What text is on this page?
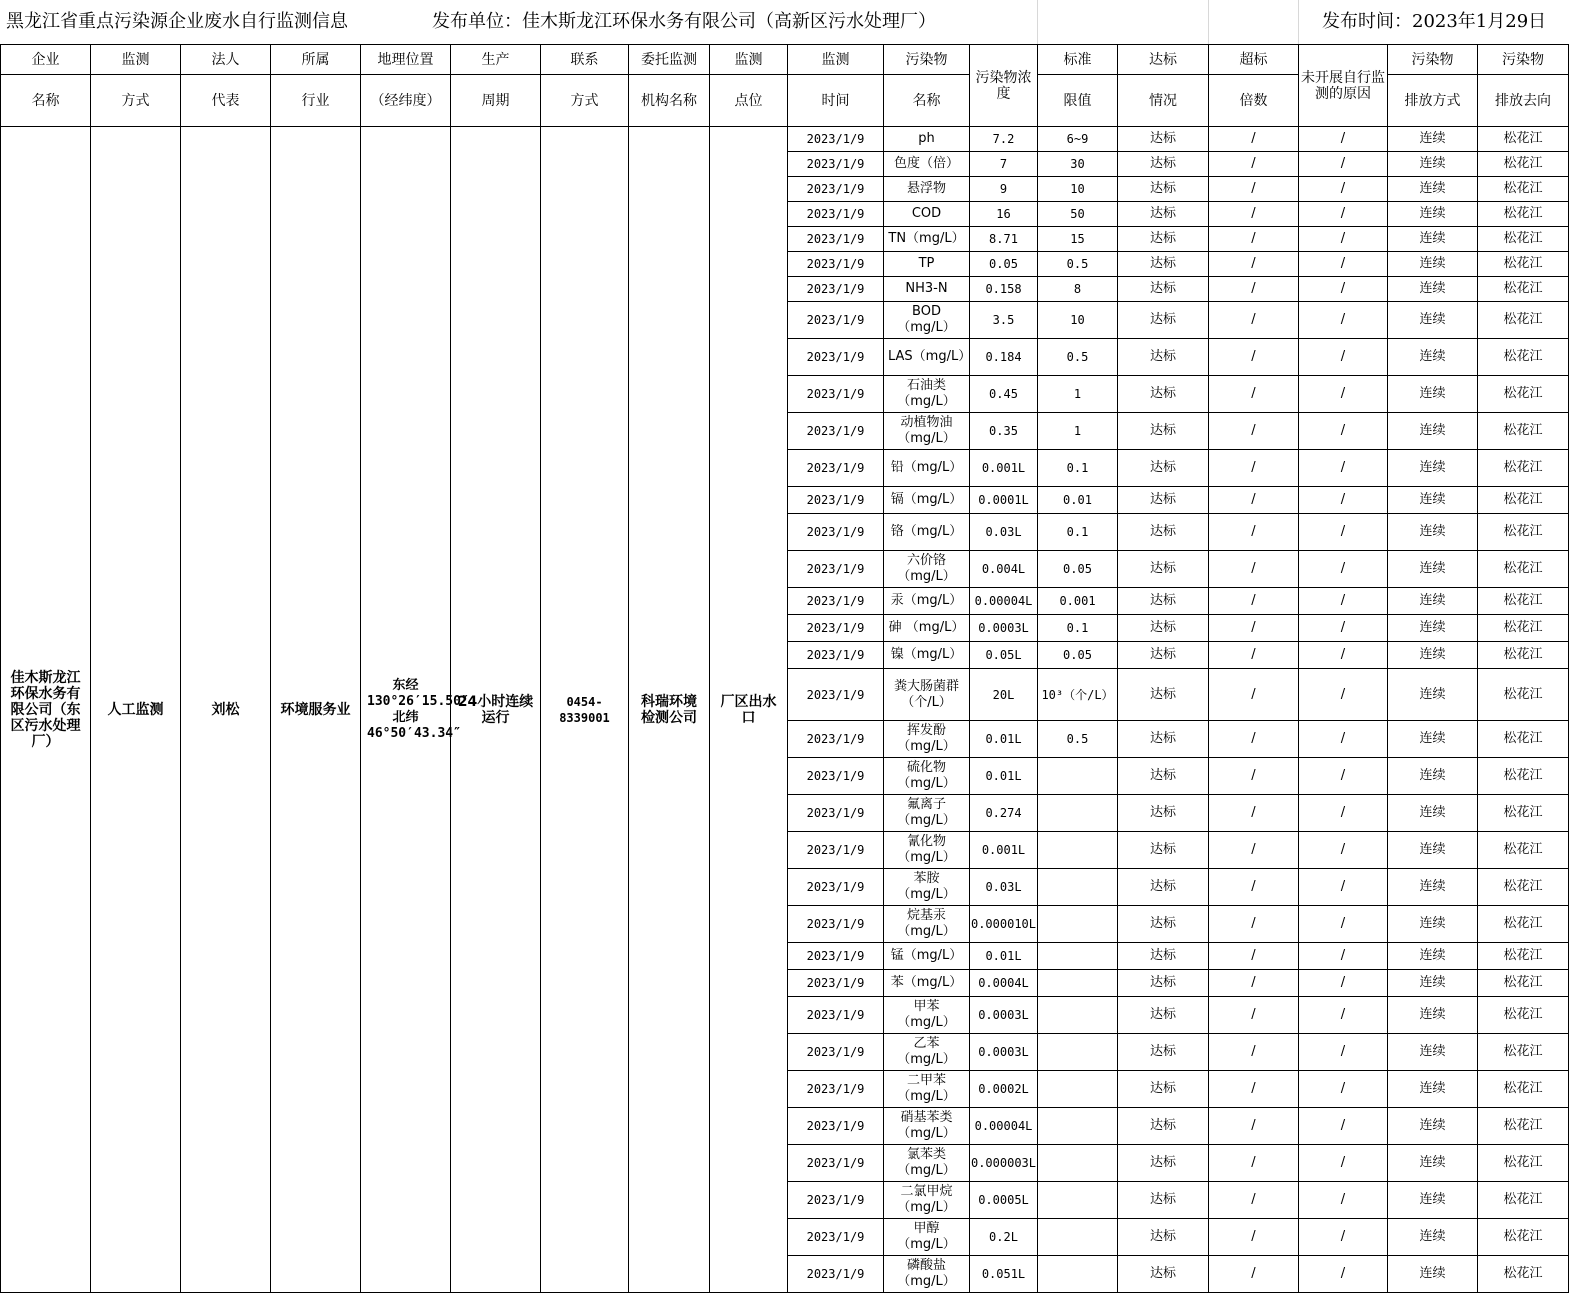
黑龙江省重点污染源企业废水自行监测信息	发布单位：佳木斯龙江环保水务有限公司（高新区污水处理厂）	发布时间：2023年1月29日
企业	监测	法人	所属	地理位置	生产	联系	委托监测	监测	监测	污染物	污染物浓度	标准	达标	超标	未开展自行监测的原因	污染物	污染物
名称	方式	代表	行业	（经纬度）	周期	方式	机构名称	点位	时间	名称		限值	情况	倍数		排放方式	排放去向
佳木斯龙江环保水务有限公司（东区污水处理厂）	人工监测	刘松	环境服务业	东经130°26′15.50″北纬46°50′43.34″	24小时连续运行	0454-8339001	科瑞环境检测公司	厂区出水口	2023/1/9	ph	7.2	6~9	达标	/	/	连续	松花江
									2023/1/9	色度（倍）	7	30	达标	/	/	连续	松花江
									2023/1/9	悬浮物	9	10	达标	/	/	连续	松花江
									2023/1/9	COD	16	50	达标	/	/	连续	松花江
									2023/1/9	TN（mg/L）	8.71	15	达标	/	/	连续	松花江
									2023/1/9	TP	0.05	0.5	达标	/	/	连续	松花江
									2023/1/9	NH3-N	0.158	8	达标	/	/	连续	松花江
									2023/1/9	BOD（mg/L）	3.5	10	达标	/	/	连续	松花江
									2023/1/9	LAS（mg/L）	0.184	0.5	达标	/	/	连续	松花江
									2023/1/9	石油类（mg/L）	0.45	1	达标	/	/	连续	松花江
									2023/1/9	动植物油（mg/L）	0.35	1	达标	/	/	连续	松花江
									2023/1/9	铅（mg/L）	0.001L	0.1	达标	/	/	连续	松花江
									2023/1/9	镉（mg/L）	0.0001L	0.01	达标	/	/	连续	松花江
									2023/1/9	铬（mg/L）	0.03L	0.1	达标	/	/	连续	松花江
									2023/1/9	六价铬（mg/L）	0.004L	0.05	达标	/	/	连续	松花江
									2023/1/9	汞（mg/L）	0.00004L	0.001	达标	/	/	连续	松花江
									2023/1/9	砷 （mg/L）	0.0003L	0.1	达标	/	/	连续	松花江
									2023/1/9	镍（mg/L）	0.05L	0.05	达标	/	/	连续	松花江
									2023/1/9	粪大肠菌群（个/L）	20L	10³（个/L）	达标	/	/	连续	松花江
									2023/1/9	挥发酚（mg/L）	0.01L	0.5	达标	/	/	连续	松花江
									2023/1/9	硫化物（mg/L）	0.01L		达标	/	/	连续	松花江
									2023/1/9	氟离子（mg/L）	0.274		达标	/	/	连续	松花江
									2023/1/9	氰化物（mg/L）	0.001L		达标	/	/	连续	松花江
									2023/1/9	苯胺（mg/L）	0.03L		达标	/	/	连续	松花江
									2023/1/9	烷基汞（mg/L）	0.000010L		达标	/	/	连续	松花江
									2023/1/9	锰（mg/L）	0.01L		达标	/	/	连续	松花江
									2023/1/9	苯（mg/L）	0.0004L		达标	/	/	连续	松花江
									2023/1/9	甲苯（mg/L）	0.0003L		达标	/	/	连续	松花江
									2023/1/9	乙苯（mg/L）	0.0003L		达标	/	/	连续	松花江
									2023/1/9	二甲苯（mg/L）	0.0002L		达标	/	/	连续	松花江
									2023/1/9	硝基苯类（mg/L）	0.00004L		达标	/	/	连续	松花江
									2023/1/9	氯苯类（mg/L）	0.000003L		达标	/	/	连续	松花江
									2023/1/9	二氯甲烷（mg/L）	0.0005L		达标	/	/	连续	松花江
									2023/1/9	甲醇（mg/L）	0.2L		达标	/	/	连续	松花江
									2023/1/9	磷酸盐（mg/L）	0.051L		达标	/	/	连续	松花江
